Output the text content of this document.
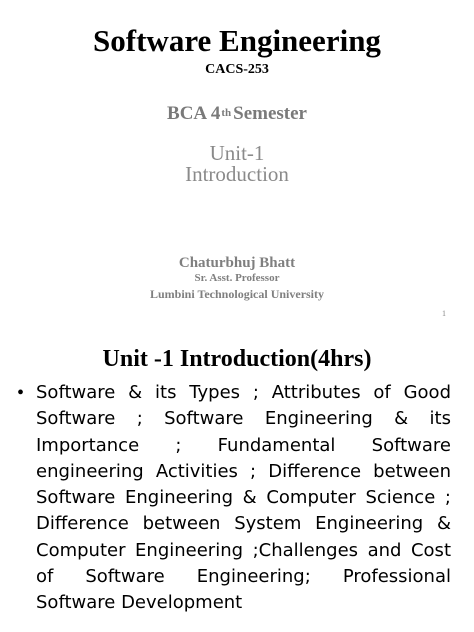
Software Engineering
CACS-253
BCA 4th Semester
Unit-1
Introduction
Chaturbhuj Bhatt
Sr. Asst. Professor
Lumbini Technological University
1
Unit -1 Introduction(4hrs)
• Software & its Types ; Attributes of Good Software ; Software Engineering & its Importance ; Fundamental Software engineering Activities ; Difference between Software Engineering & Computer Science ; Difference between System Engineering & Computer Engineering ;Challenges and Cost of Software Engineering; Professional Software Development
